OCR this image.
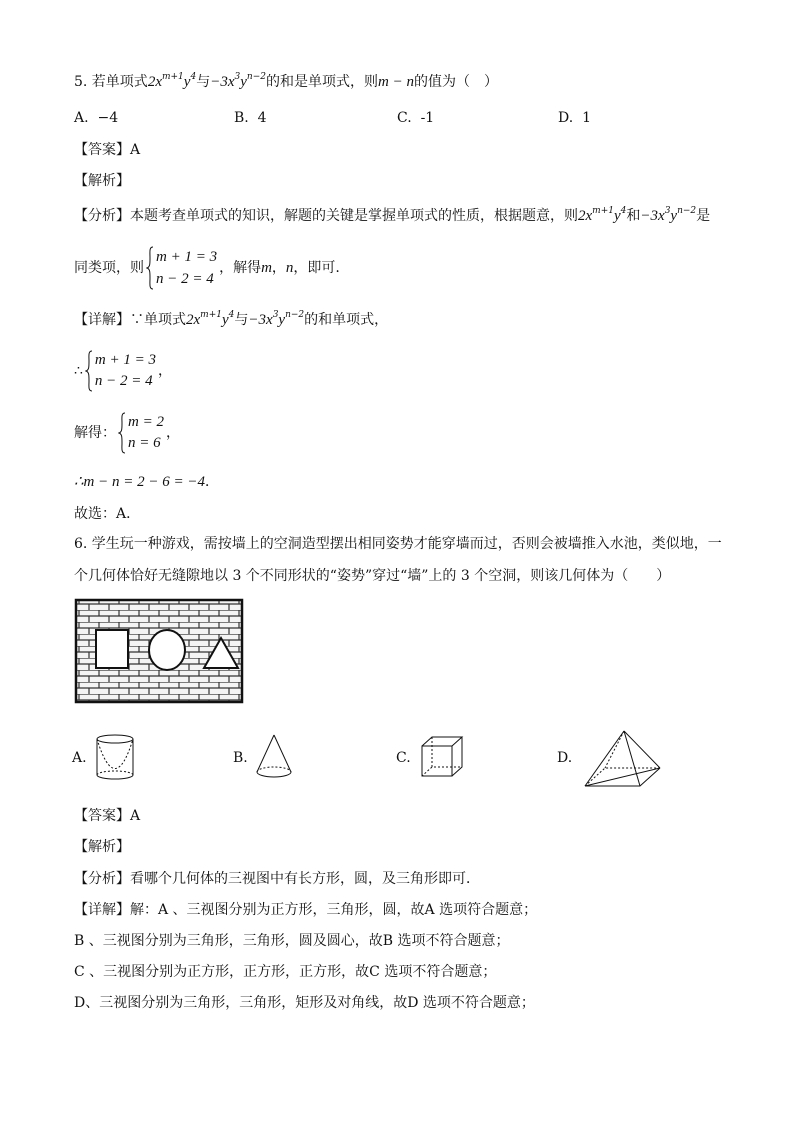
5. 若单项式$2x^{m+1}y^4$与$-3x^3y^{n-2}$的和是单项式，则m − n的值为（　）
A. −4	B. 4	C. -1	D. 1
【答案】A
【解析】
【分析】本题考查单项式的知识，解题的关键是掌握单项式的性质，根据题意，则$2x^{m+1}y^4$和$-3x^3y^{n-2}$是
同类项，则
m + 1 = 3
n − 2 = 4
，解得m，n，即可.
【详解】∵单项式$2x^{m+1}y^4$与$-3x^3y^{n-2}$的和单项式，
∴
m + 1 = 3
n − 2 = 4
，
解得：
m = 2
n = 6
，
∴m − n = 2 − 6 = −4．
故选：A．
6. 学生玩一种游戏，需按墙上的空洞造型摆出相同姿势才能穿墙而过，否则会被墙推入水池，类似地，一
个几何体恰好无缝隙地以 3 个不同形状的“姿势”穿过“墙”上的 3 个空洞，则该几何体为（　　）
A.	B.	C.	D.
【答案】A
【解析】
【分析】看哪个几何体的三视图中有长方形，圆，及三角形即可．
【详解】解：A 、三视图分别为正方形，三角形，圆，故A 选项符合题意；
B 、三视图分别为三角形，三角形，圆及圆心，故B 选项不符合题意；
C 、三视图分别为正方形，正方形，正方形，故C 选项不符合题意；
D、三视图分别为三角形，三角形，矩形及对角线，故D 选项不符合题意；
